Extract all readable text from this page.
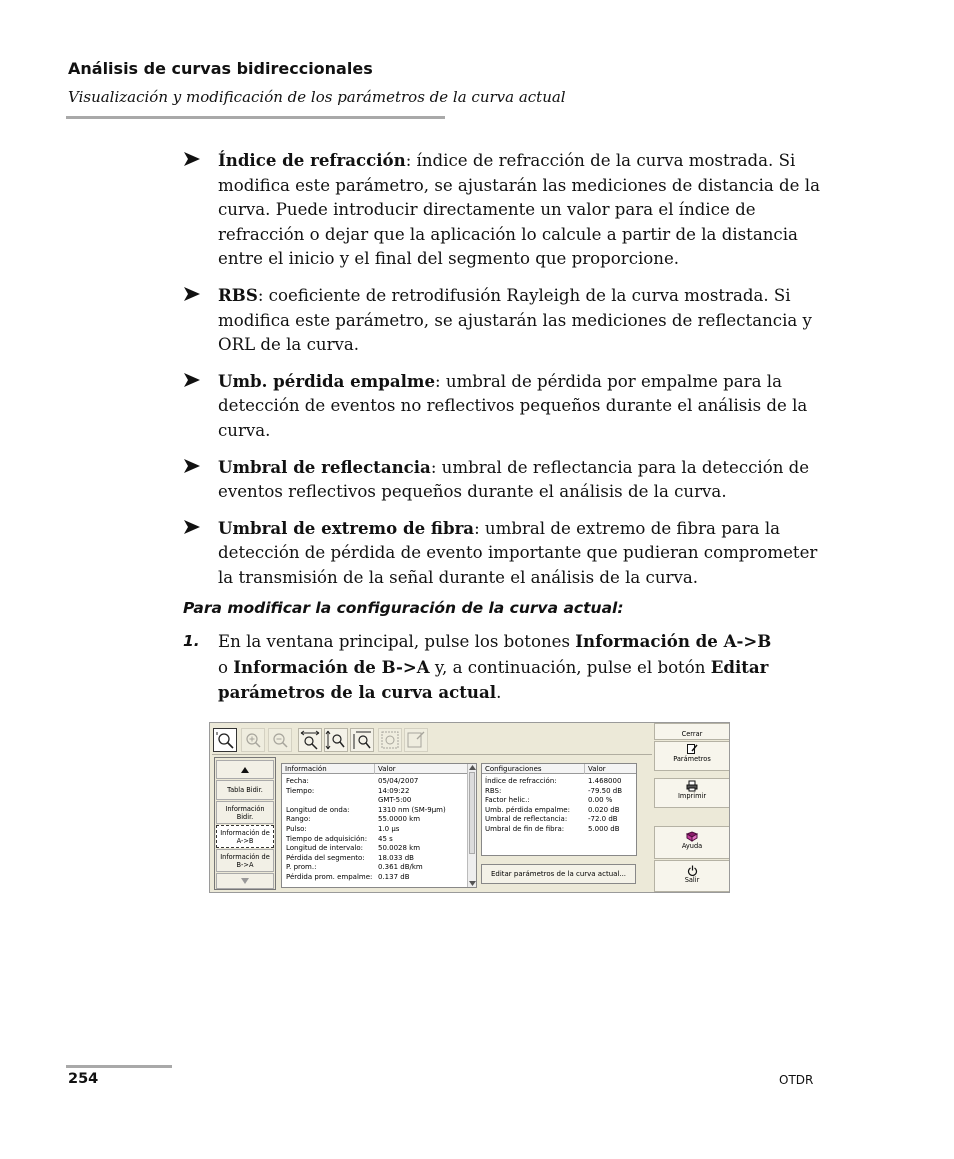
Análisis de curvas bidireccionales
Visualización y modificación de los parámetros de la curva actual
Índice de refracción: índice de refracción de la curva mostrada. Si modifica este parámetro, se ajustarán las mediciones de distancia de la curva. Puede introducir directamente un valor para el índice de refracción o dejar que la aplicación lo calcule a partir de la distancia entre el inicio y el final del segmento que proporcione.
RBS: coeficiente de retrodifusión Rayleigh de la curva mostrada. Si modifica este parámetro, se ajustarán las mediciones de reflectancia y ORL de la curva.
Umb. pérdida empalme: umbral de pérdida por empalme para la detección de eventos no reflectivos pequeños durante el análisis de la curva.
Umbral de reflectancia: umbral de reflectancia para la detección de eventos reflectivos pequeños durante el análisis de la curva.
Umbral de extremo de fibra: umbral de extremo de fibra para la detección de pérdida de evento importante que pudieran comprometer la transmisión de la señal durante el análisis de la curva.
Para modificar la configuración de la curva actual:
1. En la ventana principal, pulse los botones Información de A->B
o Información de B->A y, a continuación, pulse el botón Editar parámetros de la curva actual.
Tabla Bidir.
Información Bidir.
Información de A->B
Información de B->A
Información	Valor
Fecha:	05/04/2007
Tiempo:	14:09:22
GMT-5:00
Longitud de onda:	1310 nm (SM-9µm)
Rango:	55.0000 km
Pulso:	1.0 µs
Tiempo de adquisición: 45 s
Longitud de intervalo: 50.0028 km
Pérdida del segmento: 18.033 dB
P. prom.:	0.361 dB/km
Pérdida prom. empalme: 0.137 dB
Configuraciones	Valor
Índice de refracción:	1.468000
RBS:	-79.50 dB
Factor helic.:	0.00 %
Umb. pérdida empalme:	0.020 dB
Umbral de reflectancia:	-72.0 dB
Umbral de fin de fibra:	5.000 dB
Editar parámetros de la curva actual...
Cerrar
Parámetros
Imprimir
Ayuda
Salir
254	OTDR
